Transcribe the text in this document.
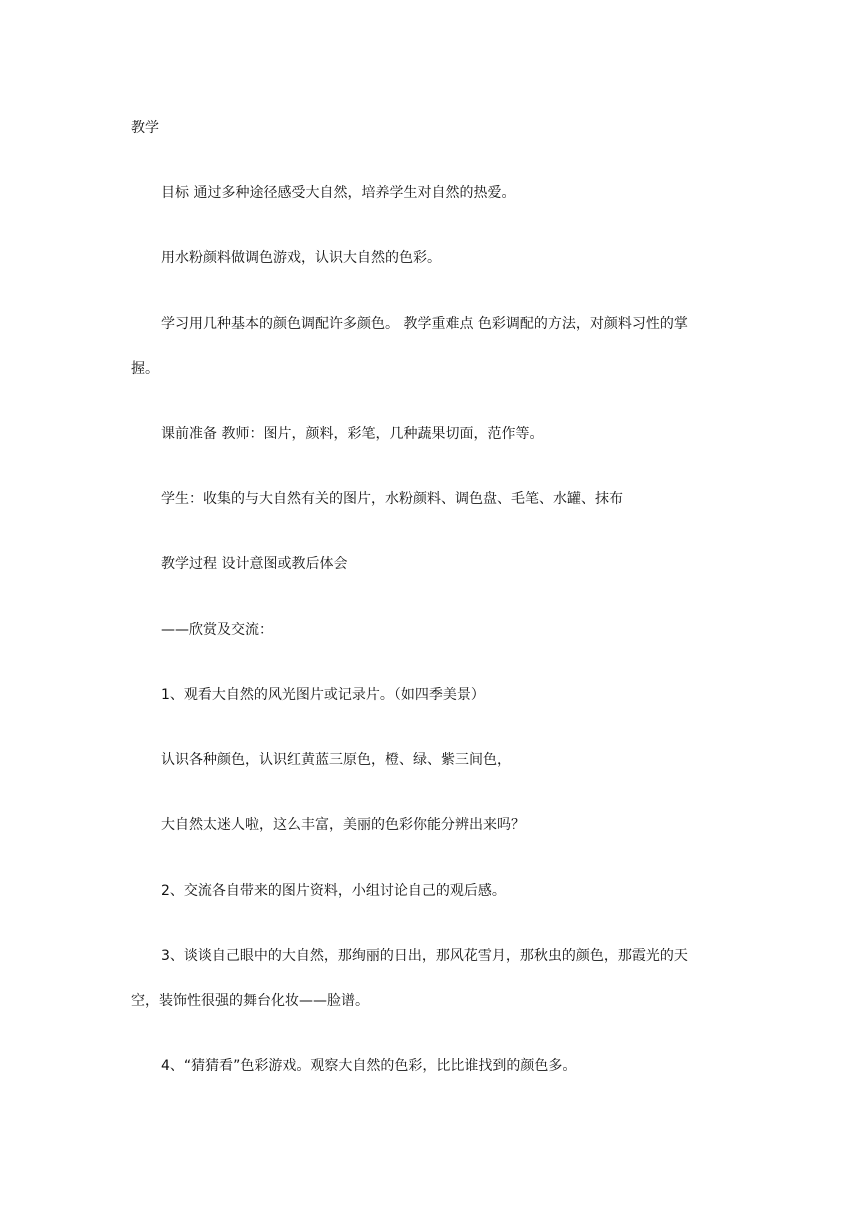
教学
目标 通过多种途径感受大自然，培养学生对自然的热爱。
用水粉颜料做调色游戏，认识大自然的色彩。
学习用几种基本的颜色调配许多颜色。 教学重难点 色彩调配的方法，对颜料习性的掌
握。
课前准备 教师：图片，颜料，彩笔，几种蔬果切面，范作等。
学生：收集的与大自然有关的图片，水粉颜料、调色盘、毛笔、水罐、抹布
教学过程 设计意图或教后体会
——欣赏及交流：
1、观看大自然的风光图片或记录片。（如四季美景）
认识各种颜色，认识红黄蓝三原色，橙、绿、紫三间色，
大自然太迷人啦，这么丰富，美丽的色彩你能分辨出来吗？
2、交流各自带来的图片资料，小组讨论自己的观后感。
3、谈谈自己眼中的大自然，那绚丽的日出，那风花雪月，那秋虫的颜色，那霞光的天
空，装饰性很强的舞台化妆——脸谱。
4、“猜猜看”色彩游戏。观察大自然的色彩，比比谁找到的颜色多。
